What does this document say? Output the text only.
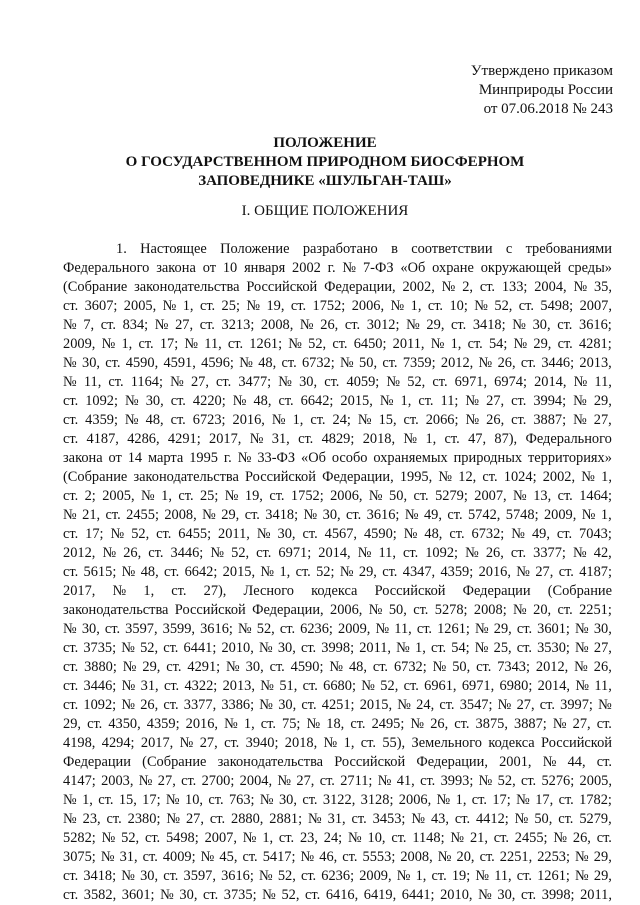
Утверждено приказом
Минприроды России
от 07.06.2018 № 243
ПОЛОЖЕНИЕ
О ГОСУДАРСТВЕННОМ ПРИРОДНОМ БИОСФЕРНОМ
ЗАПОВЕДНИКЕ «ШУЛЬГАН-ТАШ»
I. ОБЩИЕ ПОЛОЖЕНИЯ
1. Настоящее Положение разработано в соответствии с требованиями
Федерального закона от 10 января 2002 г. № 7-ФЗ «Об охране окружающей среды»
(Собрание законодательства Российской Федерации, 2002, № 2, ст. 133; 2004, № 35,
ст. 3607; 2005, № 1, ст. 25; № 19, ст. 1752; 2006, № 1, ст. 10; № 52, ст. 5498; 2007,
№ 7, ст. 834; № 27, ст. 3213; 2008, № 26, ст. 3012; № 29, ст. 3418; № 30, ст. 3616;
2009, № 1, ст. 17; № 11, ст. 1261; № 52, ст. 6450; 2011, № 1, ст. 54; № 29, ст. 4281;
№ 30, ст. 4590, 4591, 4596; № 48, ст. 6732; № 50, ст. 7359; 2012, № 26, ст. 3446; 2013,
№ 11, ст. 1164; № 27, ст. 3477; № 30, ст. 4059; № 52, ст. 6971, 6974; 2014, № 11,
ст. 1092; № 30, ст. 4220; № 48, ст. 6642; 2015, № 1, ст. 11; № 27, ст. 3994; № 29,
ст. 4359; № 48, ст. 6723; 2016, № 1, ст. 24; № 15, ст. 2066; № 26, ст. 3887; № 27,
ст. 4187, 4286, 4291; 2017, № 31, ст. 4829; 2018, № 1, ст. 47, 87), Федерального
закона от 14 марта 1995 г. № 33-ФЗ «Об особо охраняемых природных территориях»
(Собрание законодательства Российской Федерации, 1995, № 12, ст. 1024; 2002, № 1,
ст. 2; 2005, № 1, ст. 25; № 19, ст. 1752; 2006, № 50, ст. 5279; 2007, № 13, ст. 1464;
№ 21, ст. 2455; 2008, № 29, ст. 3418; № 30, ст. 3616; № 49, ст. 5742, 5748; 2009, № 1,
ст. 17; № 52, ст. 6455; 2011, № 30, ст. 4567, 4590; № 48, ст. 6732; № 49, ст. 7043;
2012, № 26, ст. 3446; № 52, ст. 6971; 2014, № 11, ст. 1092; № 26, ст. 3377; № 42,
ст. 5615; № 48, ст. 6642; 2015, № 1, ст. 52; № 29, ст. 4347, 4359; 2016, № 27, ст. 4187;
2017, № 1, ст. 27), Лесного кодекса Российской Федерации (Собрание
законодательства Российской Федерации, 2006, № 50, ст. 5278; 2008; № 20, ст. 2251;
№ 30, ст. 3597, 3599, 3616; № 52, ст. 6236; 2009, № 11, ст. 1261; № 29, ст. 3601; № 30,
ст. 3735; № 52, ст. 6441; 2010, № 30, ст. 3998; 2011, № 1, ст. 54; № 25, ст. 3530; № 27,
ст. 3880; № 29, ст. 4291; № 30, ст. 4590; № 48, ст. 6732; № 50, ст. 7343; 2012, № 26,
ст. 3446; № 31, ст. 4322; 2013, № 51, ст. 6680; № 52, ст. 6961, 6971, 6980; 2014, № 11,
ст. 1092; № 26, ст. 3377, 3386; № 30, ст. 4251; 2015, № 24, ст. 3547; № 27, ст. 3997; №
29, ст. 4350, 4359; 2016, № 1, ст. 75; № 18, ст. 2495; № 26, ст. 3875, 3887; № 27, ст.
4198, 4294; 2017, № 27, ст. 3940; 2018, № 1, ст. 55), Земельного кодекса Российской
Федерации (Собрание законодательства Российской Федерации, 2001, № 44, ст.
4147; 2003, № 27, ст. 2700; 2004, № 27, ст. 2711; № 41, ст. 3993; № 52, ст. 5276; 2005,
№ 1, ст. 15, 17; № 10, ст. 763; № 30, ст. 3122, 3128; 2006, № 1, ст. 17; № 17, ст. 1782;
№ 23, ст. 2380; № 27, ст. 2880, 2881; № 31, ст. 3453; № 43, ст. 4412; № 50, ст. 5279,
5282; № 52, ст. 5498; 2007, № 1, ст. 23, 24; № 10, ст. 1148; № 21, ст. 2455; № 26, ст.
3075; № 31, ст. 4009; № 45, ст. 5417; № 46, ст. 5553; 2008, № 20, ст. 2251, 2253; № 29,
ст. 3418; № 30, ст. 3597, 3616; № 52, ст. 6236; 2009, № 1, ст. 19; № 11, ст. 1261; № 29,
ст. 3582, 3601; № 30, ст. 3735; № 52, ст. 6416, 6419, 6441; 2010, № 30, ст. 3998; 2011,
